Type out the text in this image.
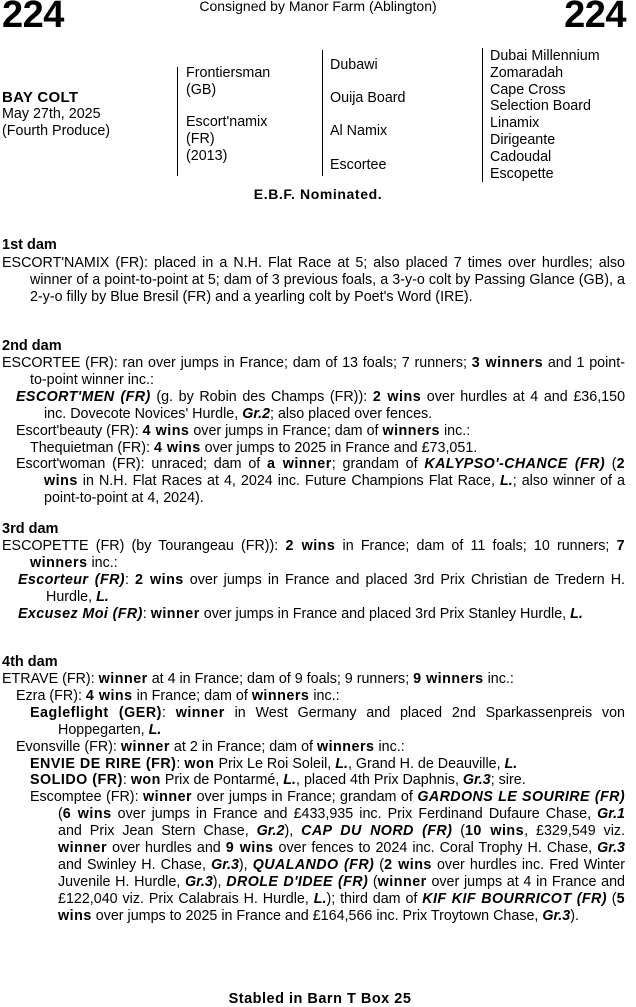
224	Consigned by Manor Farm (Ablington)	224
BAY COLT
May 27th, 2025
(Fourth Produce)
Frontiersman
(GB)
Escort'namix
(FR)
(2013)
Dubawi
Ouija Board
Al Namix
Escortee
Dubai Millennium
Zomaradah
Cape Cross
Selection Board
Linamix
Dirigeante
Cadoudal
Escopette
E.B.F. Nominated.
1st dam

ESCORT'NAMIX (FR): placed in a N.H. Flat Race at 5; also placed 7 times over hurdles; also winner of a point-to-point at 5; dam of 3 previous foals, a 3-y-o colt by Passing Glance (GB), a 2-y-o filly by Blue Bresil (FR) and a yearling colt by Poet's Word (IRE).

2nd dam

ESCORTEE (FR): ran over jumps in France; dam of 13 foals; 7 runners; 3 winners and 1 point-to-point winner inc.:

ESCORT'MEN (FR) (g. by Robin des Champs (FR)): 2 wins over hurdles at 4 and £36,150 inc. Dovecote Novices' Hurdle, Gr.2; also placed over fences.

Escort'beauty (FR): 4 wins over jumps in France; dam of winners inc.:

Thequietman (FR): 4 wins over jumps to 2025 in France and £73,051.

Escort'woman (FR): unraced; dam of a winner; grandam of KALYPSO'-CHANCE (FR) (2 wins in N.H. Flat Races at 4, 2024 inc. Future Champions Flat Race, L.; also winner of a point-to-point at 4, 2024).

3rd dam

ESCOPETTE (FR) (by Tourangeau (FR)): 2 wins in France; dam of 11 foals; 10 runners; 7 winners inc.:

Escorteur (FR): 2 wins over jumps in France and placed 3rd Prix Christian de Tredern H. Hurdle, L.

Excusez Moi (FR): winner over jumps in France and placed 3rd Prix Stanley Hurdle, L.

4th dam

ETRAVE (FR): winner at 4 in France; dam of 9 foals; 9 runners; 9 winners inc.:

Ezra (FR): 4 wins in France; dam of winners inc.:

Eagleflight (GER): winner in West Germany and placed 2nd Sparkassenpreis von Hoppegarten, L.

Evonsville (FR): winner at 2 in France; dam of winners inc.:

ENVIE DE RIRE (FR): won Prix Le Roi Soleil, L., Grand H. de Deauville, L.

SOLIDO (FR): won Prix de Pontarmé, L., placed 4th Prix Daphnis, Gr.3; sire.

Escomptee (FR): winner over jumps in France; grandam of GARDONS LE SOURIRE (FR) (6 wins over jumps in France and £433,935 inc. Prix Ferdinand Dufaure Chase, Gr.1 and Prix Jean Stern Chase, Gr.2), CAP DU NORD (FR) (10 wins, £329,549 viz. winner over hurdles and 9 wins over fences to 2024 inc. Coral Trophy H. Chase, Gr.3 and Swinley H. Chase, Gr.3), QUALANDO (FR) (2 wins over hurdles inc. Fred Winter Juvenile H. Hurdle, Gr.3), DROLE D'IDEE (FR) (winner over jumps at 4 in France and £122,040 viz. Prix Calabrais H. Hurdle, L.); third dam of KIF KIF BOURRICOT (FR) (5 wins over jumps to 2025 in France and £164,566 inc. Prix Troytown Chase, Gr.3).

Stabled in Barn T Box 25
